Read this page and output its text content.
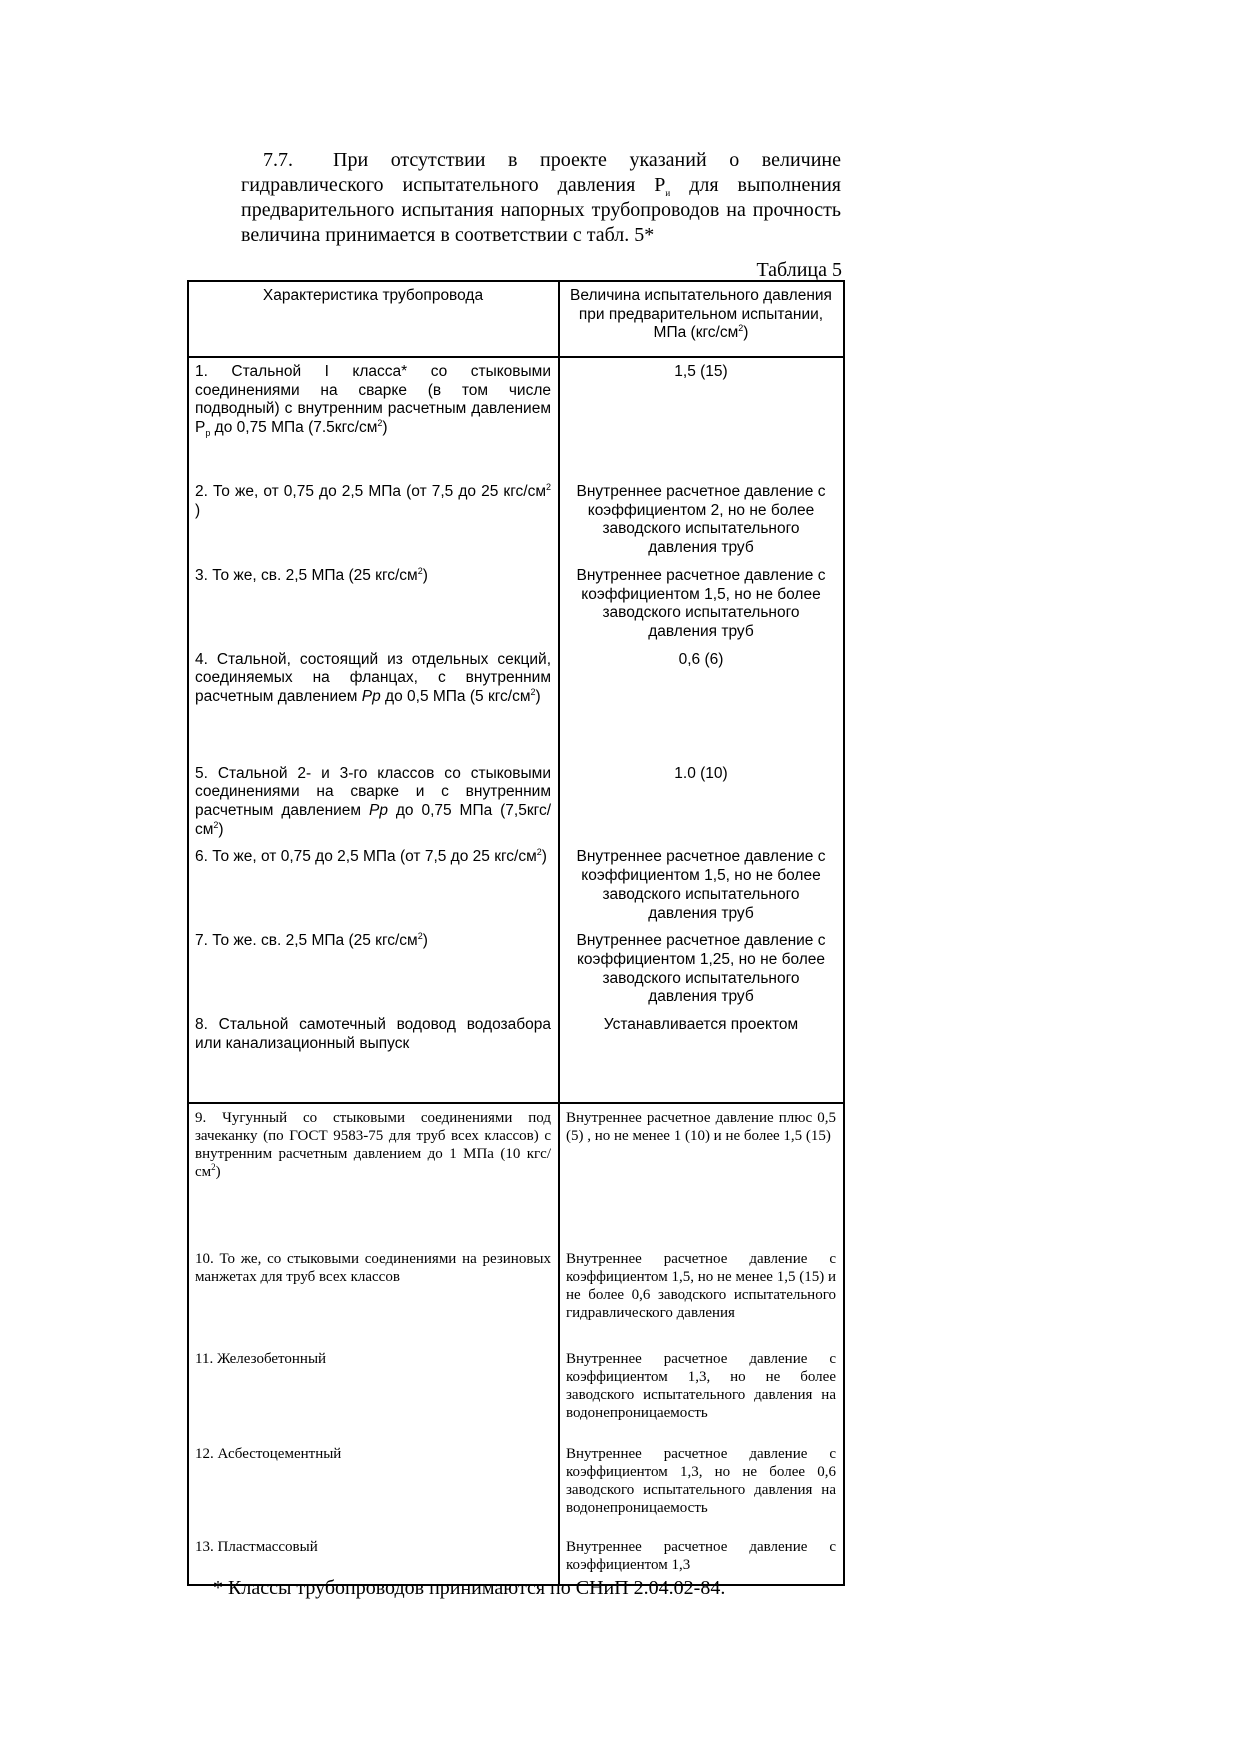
7.7. При отсутствии в проекте указаний о величине гидравлического испытательного давления $Р_и$ для выполнения предварительного испытания напорных трубопроводов на прочность величина принимается в соответствии с табл. 5*
Таблица 5
Характеристика трубопровода	Величина испытательного давления при предварительном испытании, МПа $(кгс/см^2)$
1. Стальной I класса* со стыковыми соединениями на сварке (в том числе подводный) с внутренним расчетным давлением $Р_р$ до 0,75 МПа $(7.5кгс/см^2)$	1,5 (15)
2. То же, от 0,75 до 2,5 МПа (от 7,5 до 25 кгс/$см^2$ )	Внутреннее расчетное давление с коэффициентом 2, но не более заводского испытательного давления труб
3. То же, св. 2,5 МПа (25 кгс/$см^2$)	Внутреннее расчетное давление с коэффициентом 1,5, но не более заводского испытательного давления труб
4. Стальной, состоящий из отдельных секций, соединяемых на фланцах, с внутренним расчетным давлением Рр до 0,5 МПа (5 кгс/$см^2$)	0,6 (6)
5. Стальной 2- и 3-го классов со стыковыми соединениями на сварке и с внутренним расчетным давлением Рр до 0,75 МПа $(7,5кгс/см^2)$	1.0 (10)
6. То же, от 0,75 до 2,5 МПа (от 7,5 до 25 кгс/$см^2$)	Внутреннее расчетное давление с коэффициентом 1,5, но не более заводского испытательного давления труб
7. То же. св. 2,5 МПа (25 кгс/$см^2$)	Внутреннее расчетное давление с коэффициентом 1,25, но не более заводского испытательного давления труб
8. Стальной самотечный водовод водозабора или канализационный выпуск	Устанавливается проектом
9. Чугунный со стыковыми соединениями под зачеканку (по ГОСТ 9583-75 для труб всех классов) с внутренним расчетным давлением до 1 МПа (10 кгс/$см^2$)	Внутреннее расчетное давление плюс 0,5 (5) , но не менее 1 (10) и не более 1,5 (15)
10. То же, со стыковыми соединениями на резиновых манжетах для труб всех классов	Внутреннее расчетное давление с коэффициентом 1,5, но не менее 1,5 (15) и не более 0,6 заводского испытательного гидравлического давления
11. Железобетонный	Внутреннее расчетное давление с коэффициентом 1,3, но не более заводского испытательного давления на водонепроницаемость
12. Асбестоцементный	Внутреннее расчетное давление с коэффициентом 1,3, но не более 0,6 заводского испытательного давления на водонепроницаемость
13. Пластмассовый	Внутреннее расчетное давление с коэффициентом 1,3
* Классы трубопроводов принимаются по СНиП 2.04.02-84.
